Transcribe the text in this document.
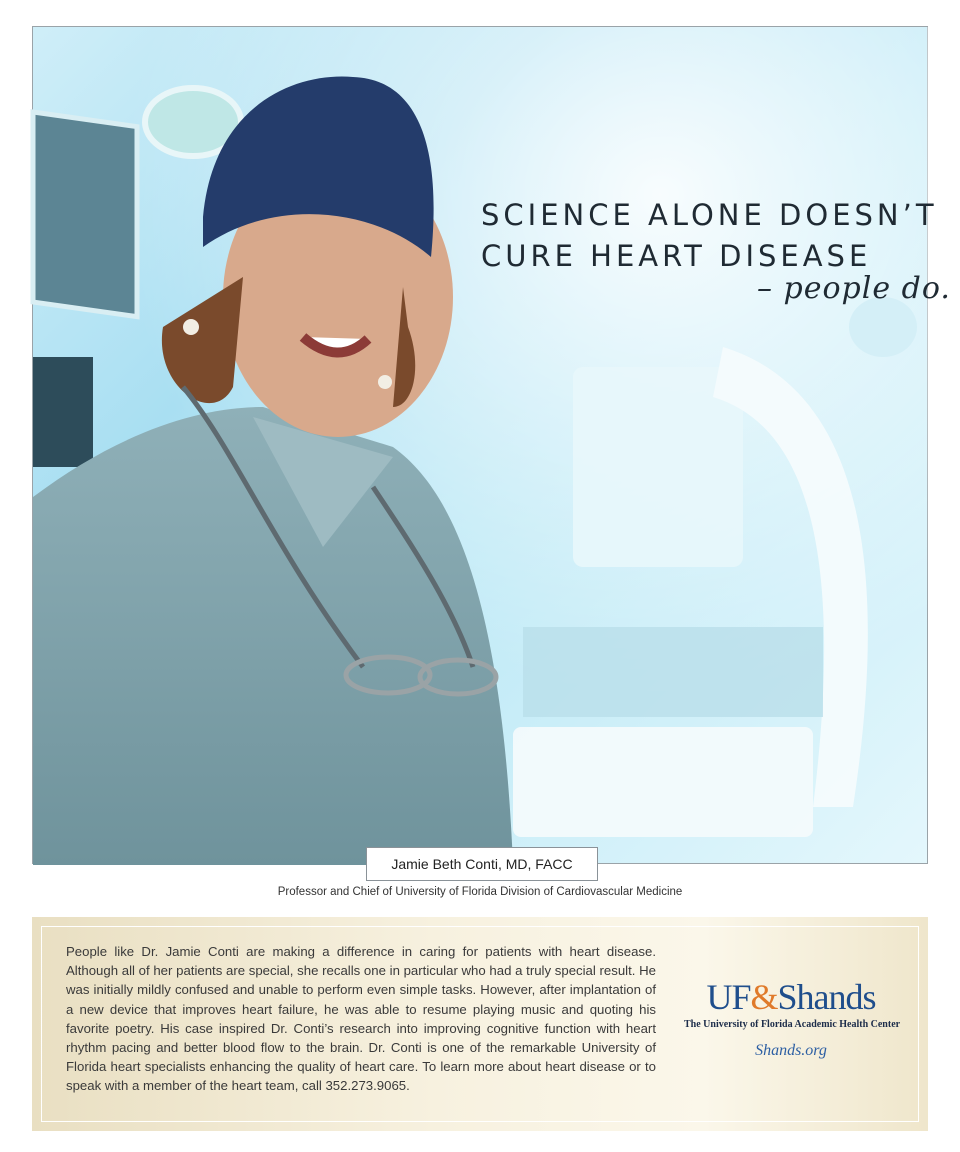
SCIENCE ALONE DOESN’T
CURE HEART DISEASE
– people do.
Jamie Beth Conti, MD, FACC
Professor and Chief of University of Florida Division of Cardiovascular Medicine

People like Dr. Jamie Conti are making a difference in caring for patients with heart disease. Although all of her patients are special, she recalls one in particular who had a truly special result. He was initially mildly confused and unable to perform even simple tasks. However, after implantation of a new device that improves heart failure, he was able to resume playing music and quoting his favorite poetry. His case inspired Dr. Conti’s research into improving cognitive function with heart rhythm pacing and better blood flow to the brain. Dr. Conti is one of the remarkable University of Florida heart specialists enhancing the quality of heart care. To learn more about heart disease or to speak with a member of the heart team, call 352.273.9065.

UF&Shands
The University of Florida Academic Health Center
Shands.org
